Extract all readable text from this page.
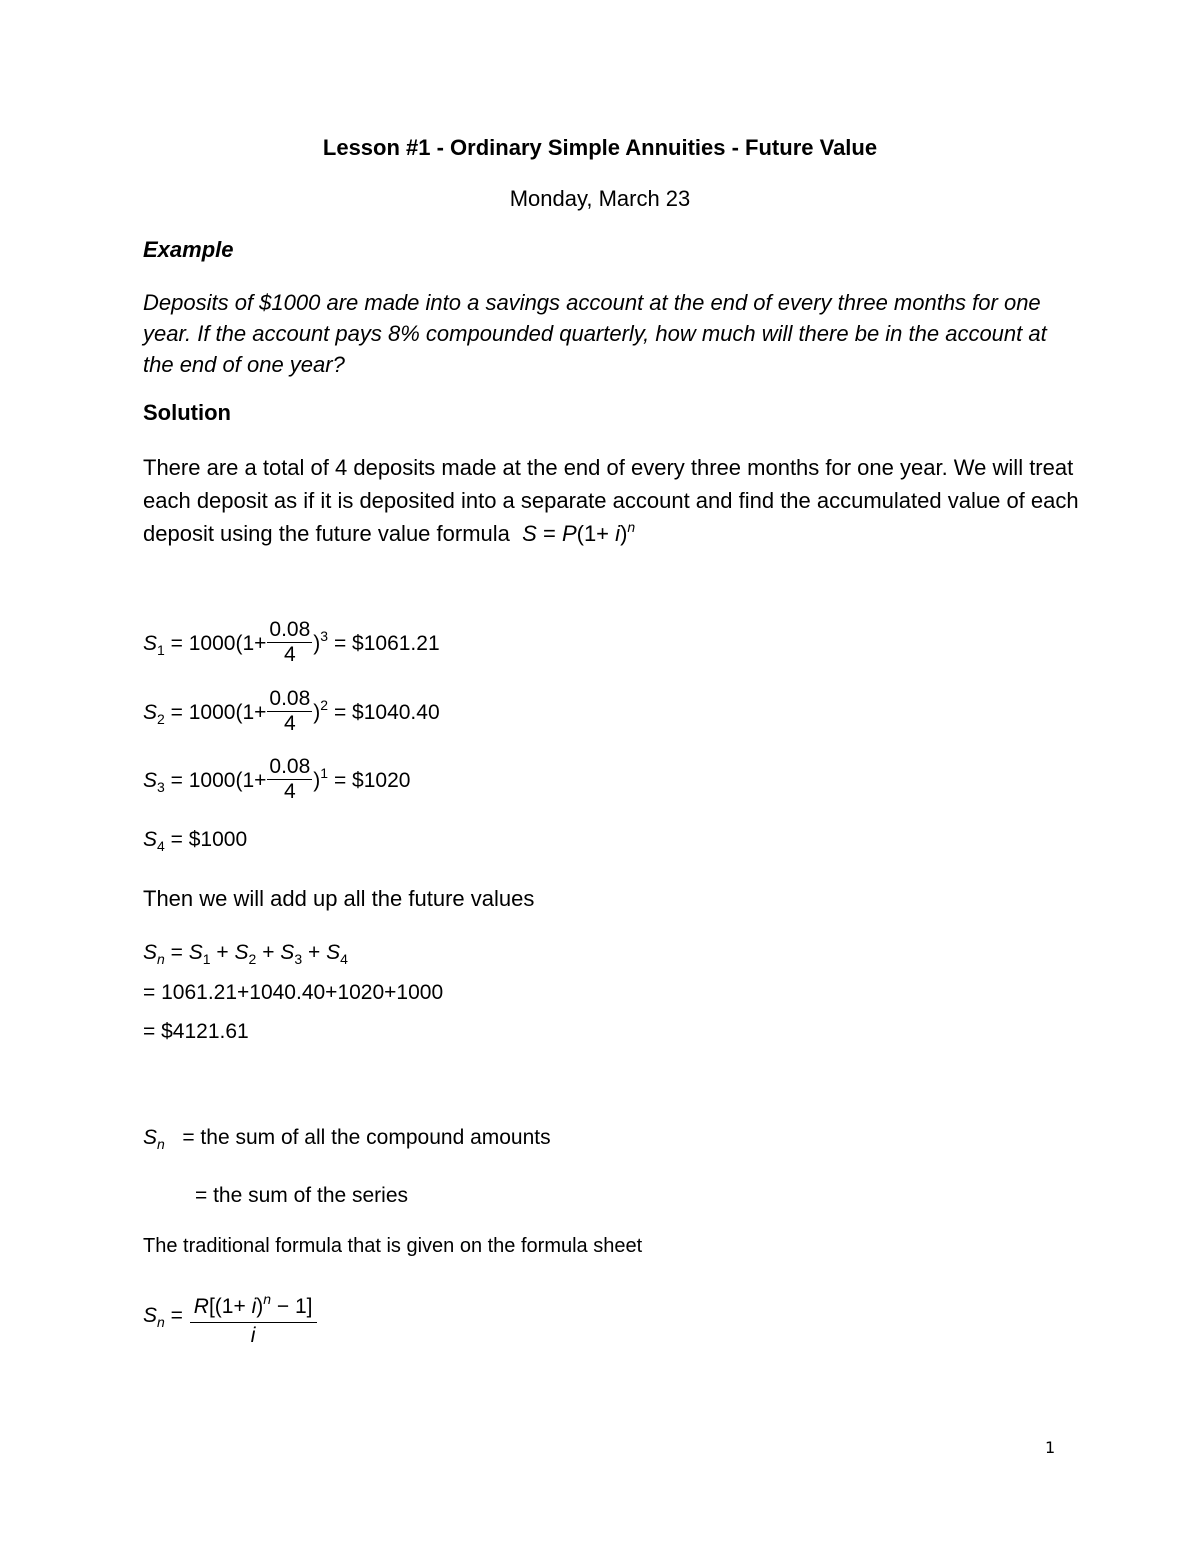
Lesson #1 - Ordinary Simple Annuities - Future Value
Monday, March 23
Example
Deposits of $1000 are made into a savings account at the end of every three months for one year. If the account pays 8% compounded quarterly, how much will there be in the account at the end of one year?
Solution
There are a total of 4 deposits made at the end of every three months for one year. We will treat each deposit as if it is deposited into a separate account and find the accumulated value of each deposit using the future value formula $S = P(1+ i)^n$
$S_1 = 1000(1+ \frac{0.08}{4} )^3$ = $1061.21
$S_2 = 1000(1+ \frac{0.08}{4} )^2$ = $1040.40
$S_3 = 1000(1+ \frac{0.08}{4} )^1$ = $1020
$S_4$ = $1000
Then we will add up all the future values
$S_n = S_1 + S_2 + S_3 + S_4$
= 1061.21+1040.40+1020+1000
= $4121.61
$S_n$ = the sum of all the compound amounts
= the sum of the series
The traditional formula that is given on the formula sheet
$S_n = \frac{R[(1+ i)^n - 1]}{i}$
1
